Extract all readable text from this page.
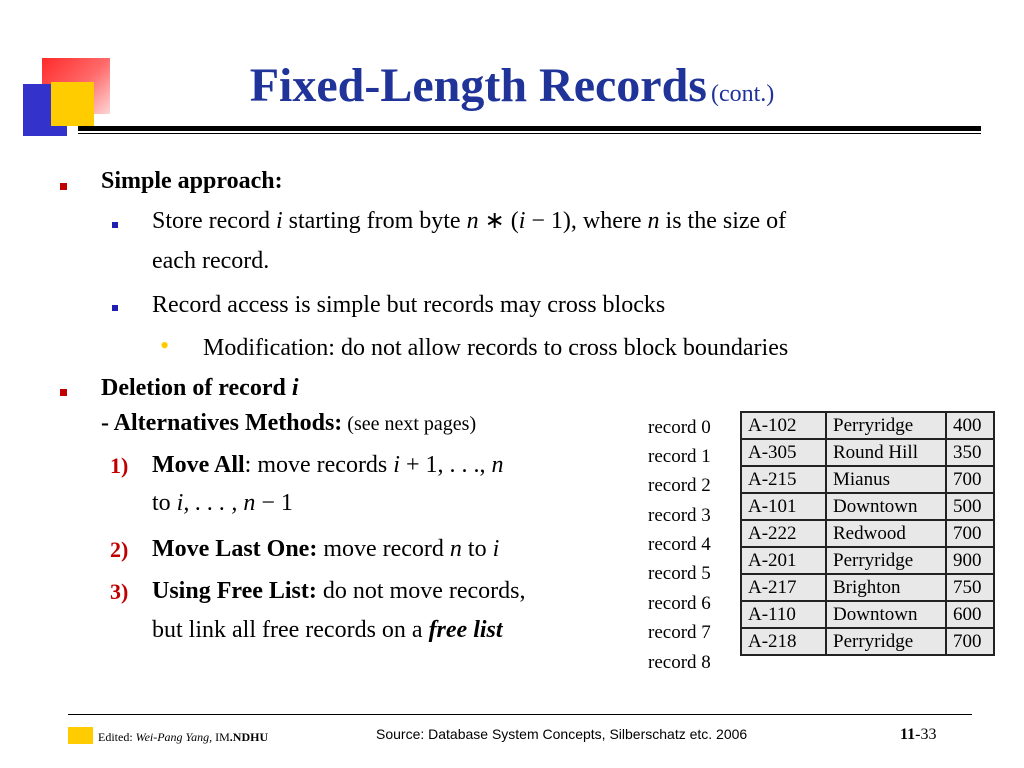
Fixed-Length Records (cont.)
Simple approach:
Store record i starting from byte n ∗ (i − 1), where n is the size of
each record.
Record access is simple but records may cross blocks
• Modification: do not allow records to cross block boundaries
Deletion of record i
- Alternatives Methods: (see next pages)
1) Move All: move records i + 1, . . ., n
to i, . . . , n − 1
2) Move Last One: move record n to i
3) Using Free List: do not move records,
but link all free records on a free list
record 0
record 1
record 2
record 3
record 4
record 5
record 6
record 7
record 8
A-102	Perryridge	400
A-305	Round Hill	350
A-215	Mianus	700
A-101	Downtown	500
A-222	Redwood	700
A-201	Perryridge	900
A-217	Brighton	750
A-110	Downtown	600
A-218	Perryridge	700
Edited: Wei-Pang Yang, IM.NDHU	Source: Database System Concepts, Silberschatz etc. 2006	11-33
